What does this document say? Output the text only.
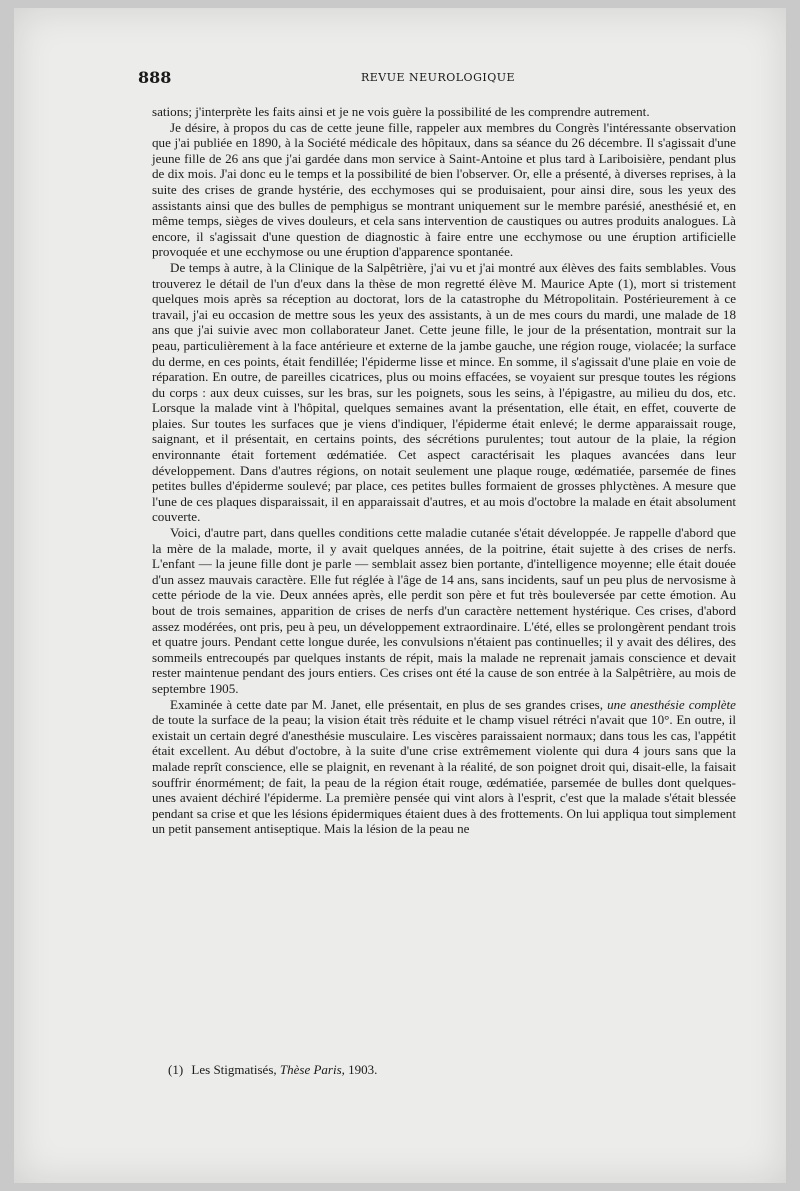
888	REVUE NEUROLOGIQUE

sations; j'interprète les faits ainsi et je ne vois guère la possibilité de les comprendre autrement.

Je désire, à propos du cas de cette jeune fille, rappeler aux membres du Congrès l'intéressante observation que j'ai publiée en 1890, à la Société médicale des hôpitaux, dans sa séance du 26 décembre. Il s'agissait d'une jeune fille de 26 ans que j'ai gardée dans mon service à Saint-Antoine et plus tard à Lariboisière, pendant plus de dix mois. J'ai donc eu le temps et la possibilité de bien l'observer. Or, elle a présenté, à diverses reprises, à la suite des crises de grande hystérie, des ecchymoses qui se produisaient, pour ainsi dire, sous les yeux des assistants ainsi que des bulles de pemphigus se montrant uniquement sur le membre parésié, anesthésié et, en même temps, sièges de vives douleurs, et cela sans intervention de caustiques ou autres produits analogues. Là encore, il s'agissait d'une question de diagnostic à faire entre une ecchymose ou une éruption artificielle provoquée et une ecchymose ou une éruption d'apparence spontanée.

De temps à autre, à la Clinique de la Salpêtrière, j'ai vu et j'ai montré aux élèves des faits semblables. Vous trouverez le détail de l'un d'eux dans la thèse de mon regretté élève M. Maurice Apte (1), mort si tristement quelques mois après sa réception au doctorat, lors de la catastrophe du Métropolitain. Postérieurement à ce travail, j'ai eu occasion de mettre sous les yeux des assistants, à un de mes cours du mardi, une malade de 18 ans que j'ai suivie avec mon collaborateur Janet. Cette jeune fille, le jour de la présentation, montrait sur la peau, particulièrement à la face antérieure et externe de la jambe gauche, une région rouge, violacée; la surface du derme, en ces points, était fendillée; l'épiderme lisse et mince. En somme, il s'agissait d'une plaie en voie de réparation. En outre, de pareilles cicatrices, plus ou moins effacées, se voyaient sur presque toutes les régions du corps : aux deux cuisses, sur les bras, sur les poignets, sous les seins, à l'épigastre, au milieu du dos, etc. Lorsque la malade vint à l'hôpital, quelques semaines avant la présentation, elle était, en effet, couverte de plaies. Sur toutes les surfaces que je viens d'indiquer, l'épiderme était enlevé; le derme apparaissait rouge, saignant, et il présentait, en certains points, des sécrétions purulentes; tout autour de la plaie, la région environnante était fortement œdématiée. Cet aspect caractérisait les plaques avancées dans leur développement. Dans d'autres régions, on notait seulement une plaque rouge, œdématiée, parsemée de fines petites bulles d'épiderme soulevé; par place, ces petites bulles formaient de grosses phlyctènes. A mesure que l'une de ces plaques disparaissait, il en apparaissait d'autres, et au mois d'octobre la malade en était absolument couverte.

Voici, d'autre part, dans quelles conditions cette maladie cutanée s'était développée. Je rappelle d'abord que la mère de la malade, morte, il y avait quelques années, de la poitrine, était sujette à des crises de nerfs. L'enfant — la jeune fille dont je parle — semblait assez bien portante, d'intelligence moyenne; elle était douée d'un assez mauvais caractère. Elle fut réglée à l'âge de 14 ans, sans incidents, sauf un peu plus de nervosisme à cette période de la vie. Deux années après, elle perdit son père et fut très bouleversée par cette émotion. Au bout de trois semaines, apparition de crises de nerfs d'un caractère nettement hystérique. Ces crises, d'abord assez modérées, ont pris, peu à peu, un développement extraordinaire. L'été, elles se prolongèrent pendant trois et quatre jours. Pendant cette longue durée, les convulsions n'étaient pas continuelles; il y avait des délires, des sommeils entrecoupés par quelques instants de répit, mais la malade ne reprenait jamais conscience et devait rester maintenue pendant des jours entiers. Ces crises ont été la cause de son entrée à la Salpêtrière, au mois de septembre 1905.

Examinée à cette date par M. Janet, elle présentait, en plus de ses grandes crises, une anesthésie complète de toute la surface de la peau; la vision était très réduite et le champ visuel rétréci n'avait que 10°. En outre, il existait un certain degré d'anesthésie musculaire. Les viscères paraissaient normaux; dans tous les cas, l'appétit était excellent. Au début d'octobre, à la suite d'une crise extrêmement violente qui dura 4 jours sans que la malade reprît conscience, elle se plaignit, en revenant à la réalité, de son poignet droit qui, disait-elle, la faisait souffrir énormément; de fait, la peau de la région était rouge, œdématiée, parsemée de bulles dont quelques-unes avaient déchiré l'épiderme. La première pensée qui vint alors à l'esprit, c'est que la malade s'était blessée pendant sa crise et que les lésions épidermiques étaient dues à des frottements. On lui appliqua tout simplement un petit pansement antiseptique. Mais la lésion de la peau ne

(1) Les Stigmatisés, Thèse Paris, 1903.
